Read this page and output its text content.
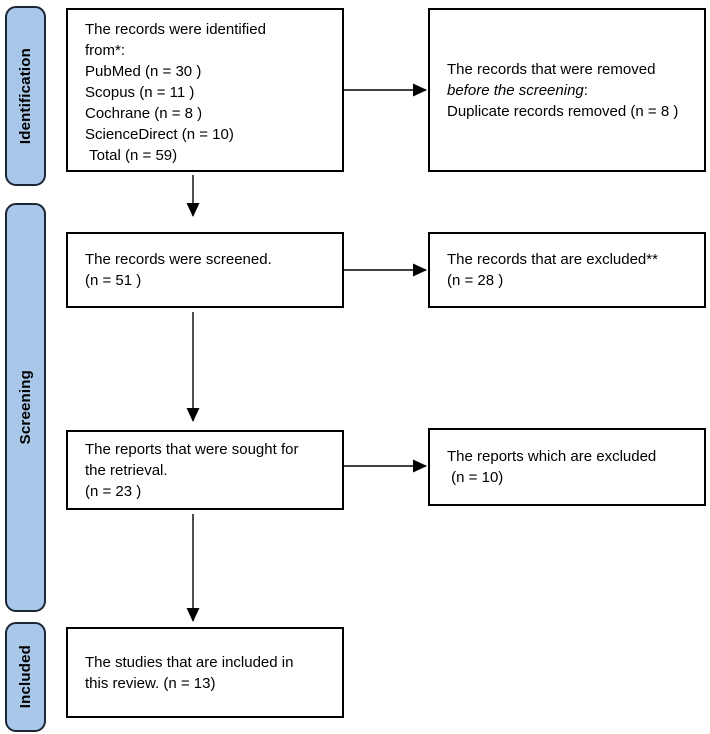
Identification
Screening
Included
The records were identified
from*:
PubMed (n = 30 )
Scopus (n = 11 )
Cochrane (n = 8 )
ScienceDirect (n = 10)
Total (n = 59)
The records that were removed
before the screening:
Duplicate records removed (n = 8 )
The records were screened.
(n = 51 )
The records that are excluded**
(n = 28 )
The reports that were sought for
the retrieval.
(n = 23 )
The reports which are excluded
(n = 10)
The studies that are included in
this review. (n = 13)
